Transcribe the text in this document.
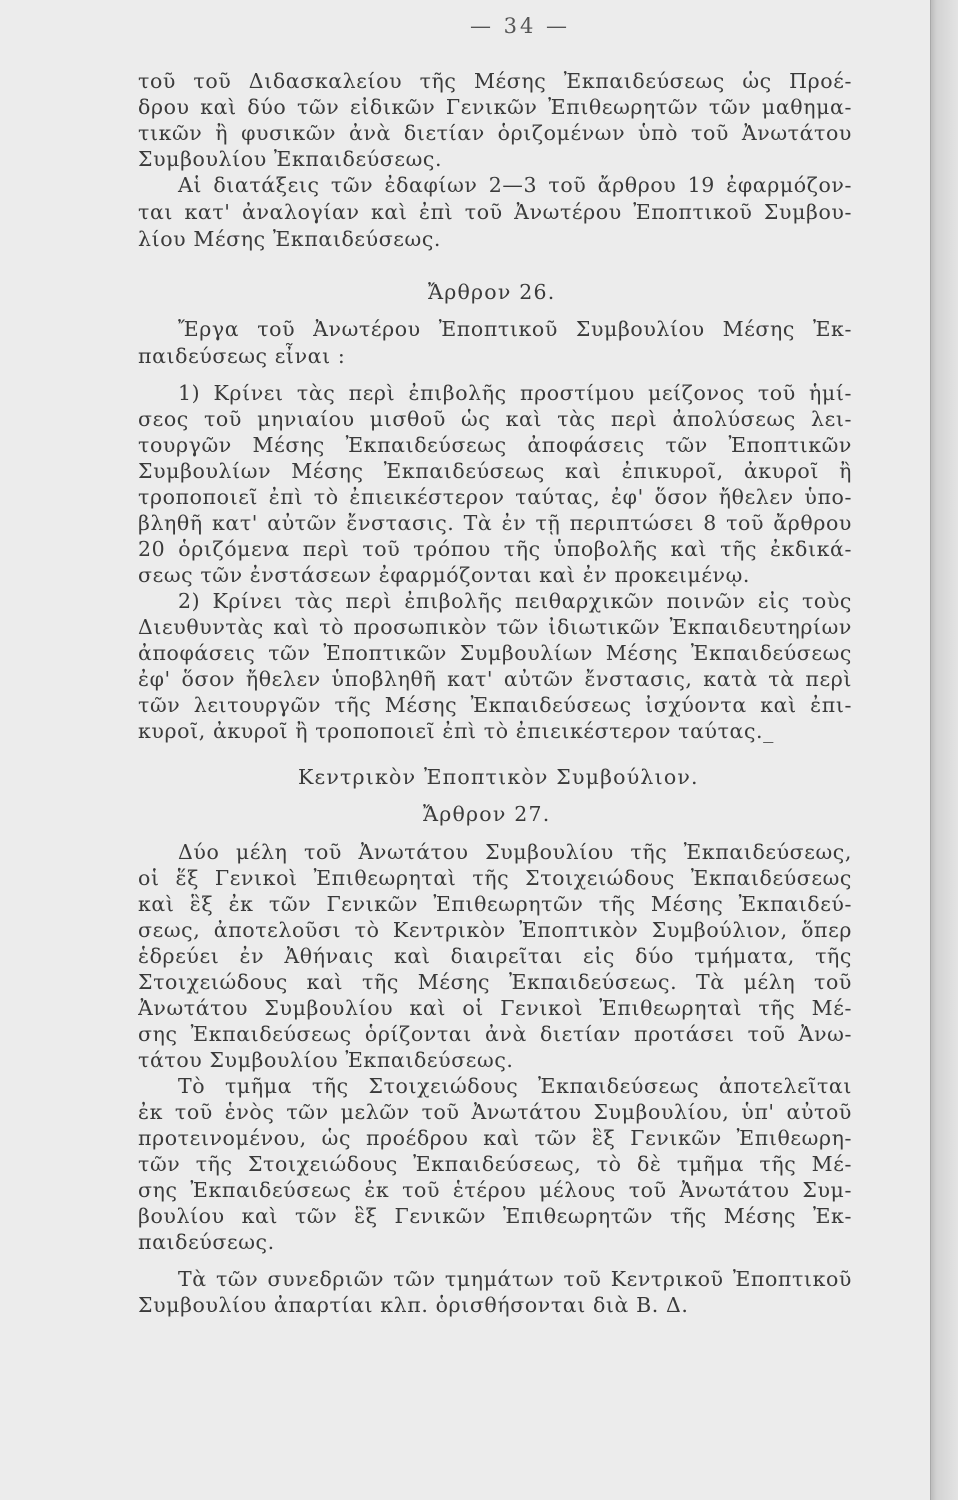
— 34 —
τοῦ τοῦ Διδασκαλείου τῆς Μέσης Ἐκπαιδεύσεως ὡς Προέ-
δρου καὶ δύο τῶν εἰδικῶν Γενικῶν Ἐπιθεωρητῶν τῶν μαθημα-
τικῶν ἢ φυσικῶν ἀνὰ διετίαν ὁριζομένων ὑπὸ τοῦ Ἀνωτάτου
Συμβουλίου Ἐκπαιδεύσεως.
Αἱ διατάξεις τῶν ἐδαφίων 2—3 τοῦ ἄρθρου 19 ἐφαρμόζον-
ται κατ' ἀναλογίαν καὶ ἐπὶ τοῦ Ἀνωτέρου Ἐποπτικοῦ Συμβου-
λίου Μέσης Ἐκπαιδεύσεως.
Ἄρθρον 26.
Ἔργα τοῦ Ἀνωτέρου Ἐποπτικοῦ Συμβουλίου Μέσης Ἐκ-
παιδεύσεως εἶναι :
1) Κρίνει τὰς περὶ ἐπιβολῆς προστίμου μείζονος τοῦ ἡμί-
σεος τοῦ μηνιαίου μισθοῦ ὡς καὶ τὰς περὶ ἀπολύσεως λει-
τουργῶν Μέσης Ἐκπαιδεύσεως ἀποφάσεις τῶν Ἐποπτικῶν
Συμβουλίων Μέσης Ἐκπαιδεύσεως καὶ ἐπικυροῖ, ἀκυροῖ ἢ
τροποποιεῖ ἐπὶ τὸ ἐπιεικέστερον ταύτας, ἐφ' ὅσον ἤθελεν ὑπο-
βληθῆ κατ' αὐτῶν ἔνστασις. Τὰ ἐν τῇ περιπτώσει 8 τοῦ ἄρθρου
20 ὁριζόμενα περὶ τοῦ τρόπου τῆς ὑποβολῆς καὶ τῆς ἐκδικά-
σεως τῶν ἐνστάσεων ἐφαρμόζονται καὶ ἐν προκειμένῳ.
2) Κρίνει τὰς περὶ ἐπιβολῆς πειθαρχικῶν ποινῶν εἰς τοὺς
Διευθυντὰς καὶ τὸ προσωπικὸν τῶν ἰδιωτικῶν Ἐκπαιδευτηρίων
ἀποφάσεις τῶν Ἐποπτικῶν Συμβουλίων Μέσης Ἐκπαιδεύσεως
ἐφ' ὅσον ἤθελεν ὑποβληθῆ κατ' αὐτῶν ἔνστασις, κατὰ τὰ περὶ
τῶν λειτουργῶν τῆς Μέσης Ἐκπαιδεύσεως ἰσχύοντα καὶ ἐπι-
κυροῖ, ἀκυροῖ ἢ τροποποιεῖ ἐπὶ τὸ ἐπιεικέστερον ταύτας._
Κεντρικὸν Ἐποπτικὸν Συμβούλιον.
Ἄρθρον 27.
Δύο μέλη τοῦ Ἀνωτάτου Συμβουλίου τῆς Ἐκπαιδεύσεως,
οἱ ἕξ Γενικοὶ Ἐπιθεωρηταὶ τῆς Στοιχειώδους Ἐκπαιδεύσεως
καὶ ἓξ ἐκ τῶν Γενικῶν Ἐπιθεωρητῶν τῆς Μέσης Ἐκπαιδεύ-
σεως, ἀποτελοῦσι τὸ Κεντρικὸν Ἐποπτικὸν Συμβούλιον, ὅπερ
ἑδρεύει ἐν Ἀθήναις καὶ διαιρεῖται εἰς δύο τμήματα, τῆς
Στοιχειώδους καὶ τῆς Μέσης Ἐκπαιδεύσεως. Τὰ μέλη τοῦ
Ἀνωτάτου Συμβουλίου καὶ οἱ Γενικοὶ Ἐπιθεωρηταὶ τῆς Μέ-
σης Ἐκπαιδεύσεως ὁρίζονται ἀνὰ διετίαν προτάσει τοῦ Ἀνω-
τάτου Συμβουλίου Ἐκπαιδεύσεως.
Τὸ τμῆμα τῆς Στοιχειώδους Ἐκπαιδεύσεως ἀποτελεῖται
ἐκ τοῦ ἑνὸς τῶν μελῶν τοῦ Ἀνωτάτου Συμβουλίου, ὑπ' αὐτοῦ
προτεινομένου, ὡς προέδρου καὶ τῶν ἓξ Γενικῶν Ἐπιθεωρη-
τῶν τῆς Στοιχειώδους Ἐκπαιδεύσεως, τὸ δὲ τμῆμα τῆς Μέ-
σης Ἐκπαιδεύσεως ἐκ τοῦ ἑτέρου μέλους τοῦ Ἀνωτάτου Συμ-
βουλίου καὶ τῶν ἓξ Γενικῶν Ἐπιθεωρητῶν τῆς Μέσης Ἐκ-
παιδεύσεως.
Τὰ τῶν συνεδριῶν τῶν τμημάτων τοῦ Κεντρικοῦ Ἐποπτικοῦ
Συμβουλίου ἀπαρτίαι κλπ. ὁρισθήσονται διὰ Β. Δ.
